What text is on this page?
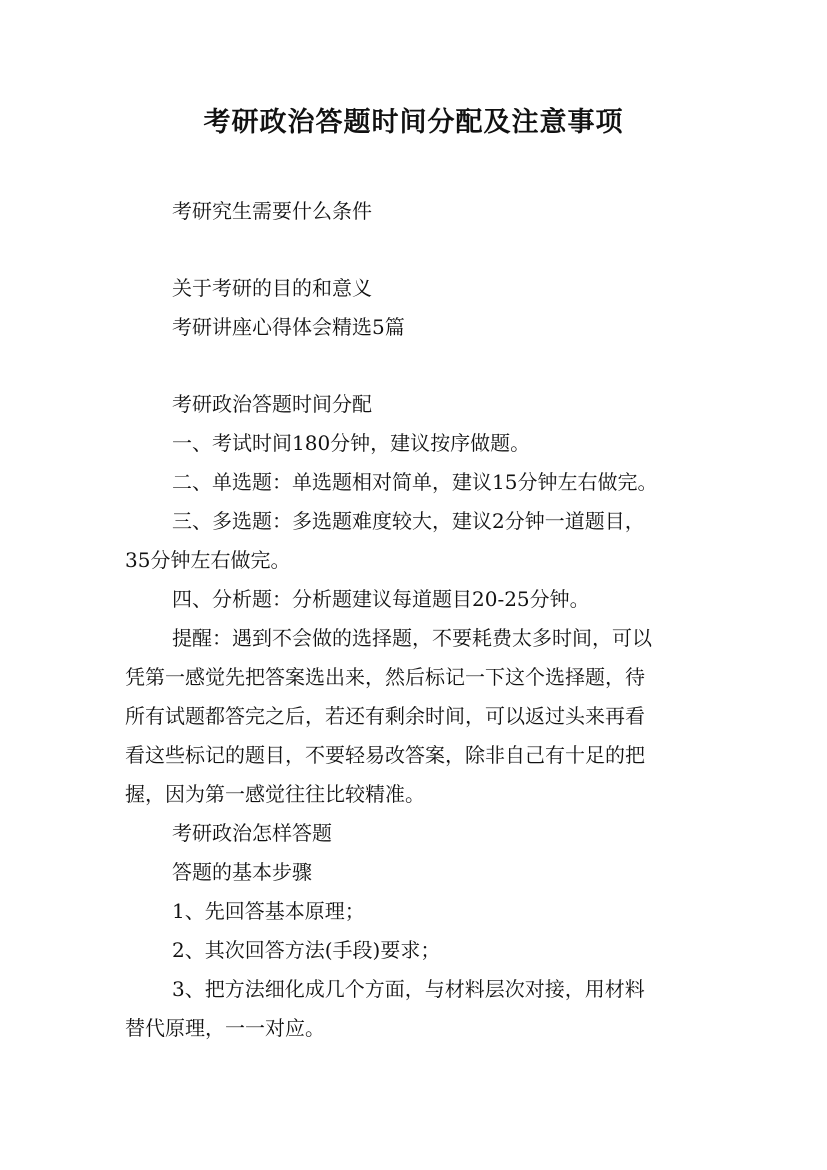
考研政治答题时间分配及注意事项

考研究生需要什么条件

关于考研的目的和意义

考研讲座心得体会精选5篇

考研政治答题时间分配

一、考试时间180分钟，建议按序做题。

二、单选题：单选题相对简单，建议15分钟左右做完。

三、多选题：多选题难度较大，建议2分钟一道题目，

35分钟左右做完。

四、分析题：分析题建议每道题目20-25分钟。

提醒：遇到不会做的选择题，不要耗费太多时间，可以

凭第一感觉先把答案选出来，然后标记一下这个选择题，待

所有试题都答完之后，若还有剩余时间，可以返过头来再看

看这些标记的题目，不要轻易改答案，除非自己有十足的把

握，因为第一感觉往往比较精准。

考研政治怎样答题

答题的基本步骤

1、先回答基本原理；

2、其次回答方法(手段)要求；

3、把方法细化成几个方面，与材料层次对接，用材料

替代原理，一一对应。
